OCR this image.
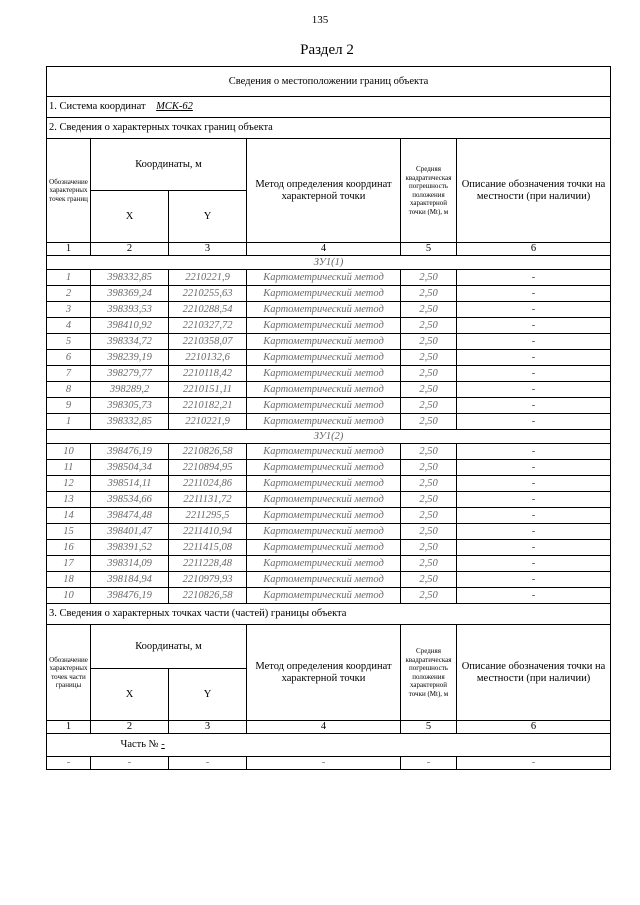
135
Раздел 2
Сведения о местоположении границ объекта					
1. Система координат МСК-62					
2. Сведения о характерных точках границ объекта					
Обозначение характерных точек границ	Координаты, м		Метод определения координат характерной точки	Средняя квадратическая погрешность положения характерной точки (Mt), м	Описание обозначения точки на местности (при наличии)
	X	Y			
1	2	3	4	5	6
ЗУ1(1)					
1	398332,85	2210221,9	Картометрический метод	2,50	-
2	398369,24	2210255,63	Картометрический метод	2,50	-
3	398393,53	2210288,54	Картометрический метод	2,50	-
4	398410,92	2210327,72	Картометрический метод	2,50	-
5	398334,72	2210358,07	Картометрический метод	2,50	-
6	398239,19	2210132,6	Картометрический метод	2,50	-
7	398279,77	2210118,42	Картометрический метод	2,50	-
8	398289,2	2210151,11	Картометрический метод	2,50	-
9	398305,73	2210182,21	Картометрический метод	2,50	-
1	398332,85	2210221,9	Картометрический метод	2,50	-
ЗУ1(2)					
10	398476,19	2210826,58	Картометрический метод	2,50	-
11	398504,34	2210894,95	Картометрический метод	2,50	-
12	398514,11	2211024,86	Картометрический метод	2,50	-
13	398534,66	2211131,72	Картометрический метод	2,50	-
14	398474,48	2211295,5	Картометрический метод	2,50	-
15	398401,47	2211410,94	Картометрический метод	2,50	-
16	398391,52	2211415,08	Картометрический метод	2,50	-
17	398314,09	2211228,48	Картометрический метод	2,50	-
18	398184,94	2210979,93	Картометрический метод	2,50	-
10	398476,19	2210826,58	Картометрический метод	2,50	-
3. Сведения о характерных точках части (частей) границы объекта					
Обозначение характерных точек части границы	Координаты, м		Метод определения координат характерной точки	Средняя квадратическая погрешность положения характерной точки (Mt), м	Описание обозначения точки на местности (при наличии)
	X	Y			
1	2	3	4	5	6
	Часть № -				
-	-	-	-	-	-
